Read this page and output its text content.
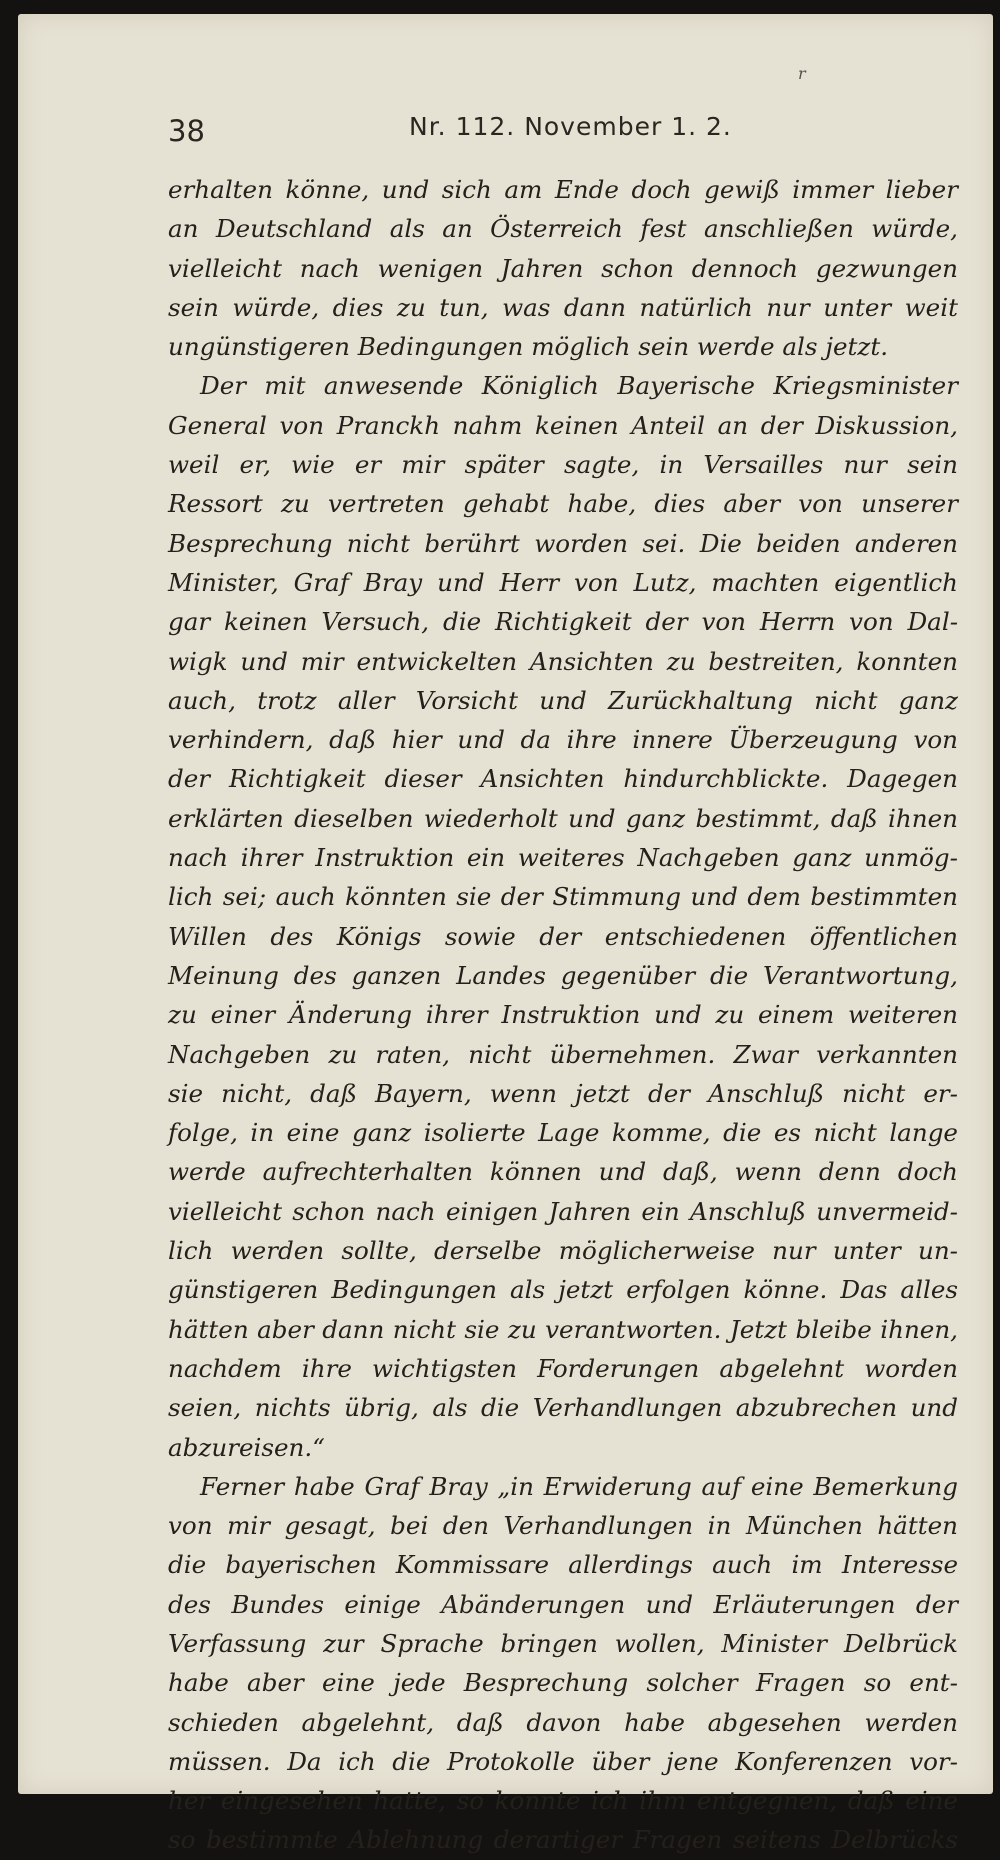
r
38	Nr. 112. November 1. 2.
erhalten könne, und sich am Ende doch gewiß immer lieber
an Deutschland als an Österreich fest anschließen würde,
vielleicht nach wenigen Jahren schon dennoch gezwungen
sein würde, dies zu tun, was dann natürlich nur unter weit
ungünstigeren Bedingungen möglich sein werde als jetzt.
Der mit anwesende Königlich Bayerische Kriegsminister
General von Pranckh nahm keinen Anteil an der Diskussion,
weil er, wie er mir später sagte, in Versailles nur sein
Ressort zu vertreten gehabt habe, dies aber von unserer
Besprechung nicht berührt worden sei. Die beiden anderen
Minister, Graf Bray und Herr von Lutz, machten eigentlich
gar keinen Versuch, die Richtigkeit der von Herrn von Dal-
wigk und mir entwickelten Ansichten zu bestreiten, konnten
auch, trotz aller Vorsicht und Zurückhaltung nicht ganz
verhindern, daß hier und da ihre innere Überzeugung von
der Richtigkeit dieser Ansichten hindurchblickte. Dagegen
erklärten dieselben wiederholt und ganz bestimmt, daß ihnen
nach ihrer Instruktion ein weiteres Nachgeben ganz unmög-
lich sei; auch könnten sie der Stimmung und dem bestimmten
Willen des Königs sowie der entschiedenen öffentlichen
Meinung des ganzen Landes gegenüber die Verantwortung,
zu einer Änderung ihrer Instruktion und zu einem weiteren
Nachgeben zu raten, nicht übernehmen. Zwar verkannten
sie nicht, daß Bayern, wenn jetzt der Anschluß nicht er-
folge, in eine ganz isolierte Lage komme, die es nicht lange
werde aufrechterhalten können und daß, wenn denn doch
vielleicht schon nach einigen Jahren ein Anschluß unvermeid-
lich werden sollte, derselbe möglicherweise nur unter un-
günstigeren Bedingungen als jetzt erfolgen könne. Das alles
hätten aber dann nicht sie zu verantworten. Jetzt bleibe ihnen,
nachdem ihre wichtigsten Forderungen abgelehnt worden
seien, nichts übrig, als die Verhandlungen abzubrechen und
abzureisen.“
Ferner habe Graf Bray „in Erwiderung auf eine Bemerkung
von mir gesagt, bei den Verhandlungen in München hätten
die bayerischen Kommissare allerdings auch im Interesse
des Bundes einige Abänderungen und Erläuterungen der
Verfassung zur Sprache bringen wollen, Minister Delbrück
habe aber eine jede Besprechung solcher Fragen so ent-
schieden abgelehnt, daß davon habe abgesehen werden
müssen. Da ich die Protokolle über jene Konferenzen vor-
her eingesehen hatte, so konnte ich ihm entgegnen, daß eine
so bestimmte Ablehnung derartiger Fragen seitens Delbrücks
